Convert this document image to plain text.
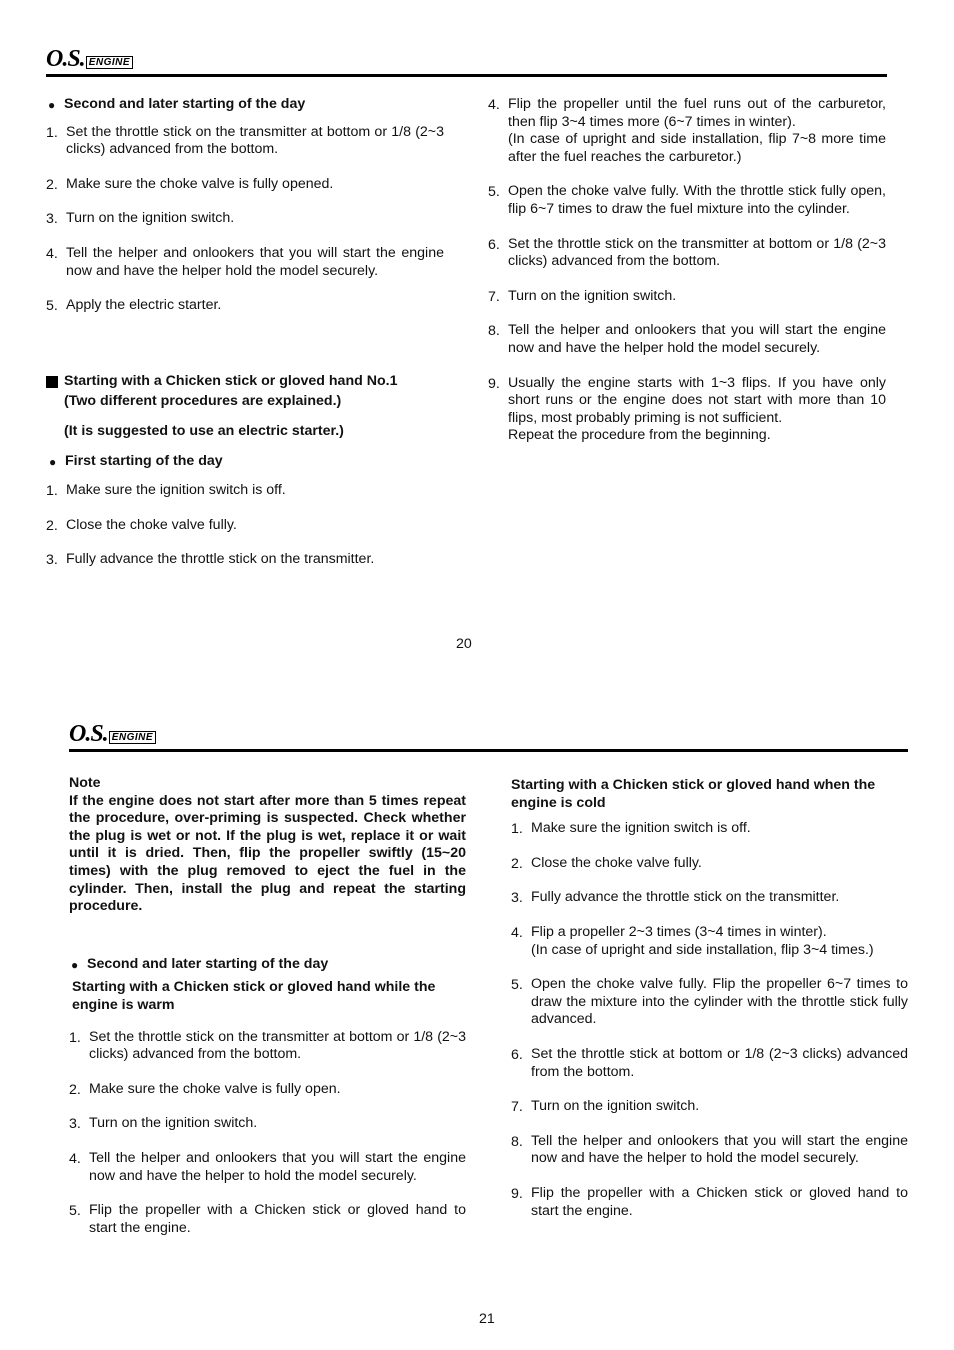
O.S. ENGINE

● Second and later starting of the day

1. Set the throttle stick on the transmitter at bottom or 1/8 (2~3 clicks) advanced from the bottom.

2. Make sure the choke valve is fully opened.

3. Turn on the ignition switch.

4. Tell the helper and onlookers that you will start the engine now and have the helper hold the model securely.

5. Apply the electric starter.

Starting with a Chicken stick or gloved hand No.1

(Two different procedures are explained.)

(It is suggested to use an electric starter.)

● First starting of the day

1. Make sure the ignition switch is off.

2. Close the choke valve fully.

3. Fully advance the throttle stick on the transmitter.

4. Flip the propeller until the fuel runs out of the carburetor, then flip 3~4 times more (6~7 times in winter).
(In case of upright and side installation, flip 7~8 more time after the fuel reaches the carburetor.)

5. Open the choke valve fully. With the throttle stick fully open, flip 6~7 times to draw the fuel mixture into the cylinder.

6. Set the throttle stick on the transmitter at bottom or 1/8 (2~3 clicks) advanced from the bottom.

7. Turn on the ignition switch.

8. Tell the helper and onlookers that you will start the engine now and have the helper hold the model securely.

9. Usually the engine starts with 1~3 flips. If you have only short runs or the engine does not start with more than 10 flips, most probably priming is not sufficient.
Repeat the procedure from the beginning.

20
O.S. ENGINE

Note

If the engine does not start after more than 5 times repeat the procedure, over-priming is suspected. Check whether the plug is wet or not. If the plug is wet, replace it or wait until it is dried. Then, flip the propeller swiftly (15~20 times) with the plug removed to eject the fuel in the cylinder. Then, install the plug and repeat the starting procedure.

● Second and later starting of the day

Starting with a Chicken stick or gloved hand while the engine is warm

1. Set the throttle stick on the transmitter at bottom or 1/8 (2~3 clicks) advanced from the bottom.

2. Make sure the choke valve is fully open.

3. Turn on the ignition switch.

4. Tell the helper and onlookers that you will start the engine now and have the helper to hold the model securely.

5. Flip the propeller with a Chicken stick or gloved hand to start the engine.

Starting with a Chicken stick or gloved hand when the engine is cold

1. Make sure the ignition switch is off.

2. Close the choke valve fully.

3. Fully advance the throttle stick on the transmitter.

4. Flip a propeller 2~3 times (3~4 times in winter).
(In case of upright and side installation, flip 3~4 times.)

5. Open the choke valve fully. Flip the propeller 6~7 times to draw the mixture into the cylinder with the throttle stick fully advanced.

6. Set the throttle stick at bottom or 1/8 (2~3 clicks) advanced from the bottom.

7. Turn on the ignition switch.

8. Tell the helper and onlookers that you will start the engine now and have the helper to hold the model securely.

9. Flip the propeller with a Chicken stick or gloved hand to start the engine.

21
